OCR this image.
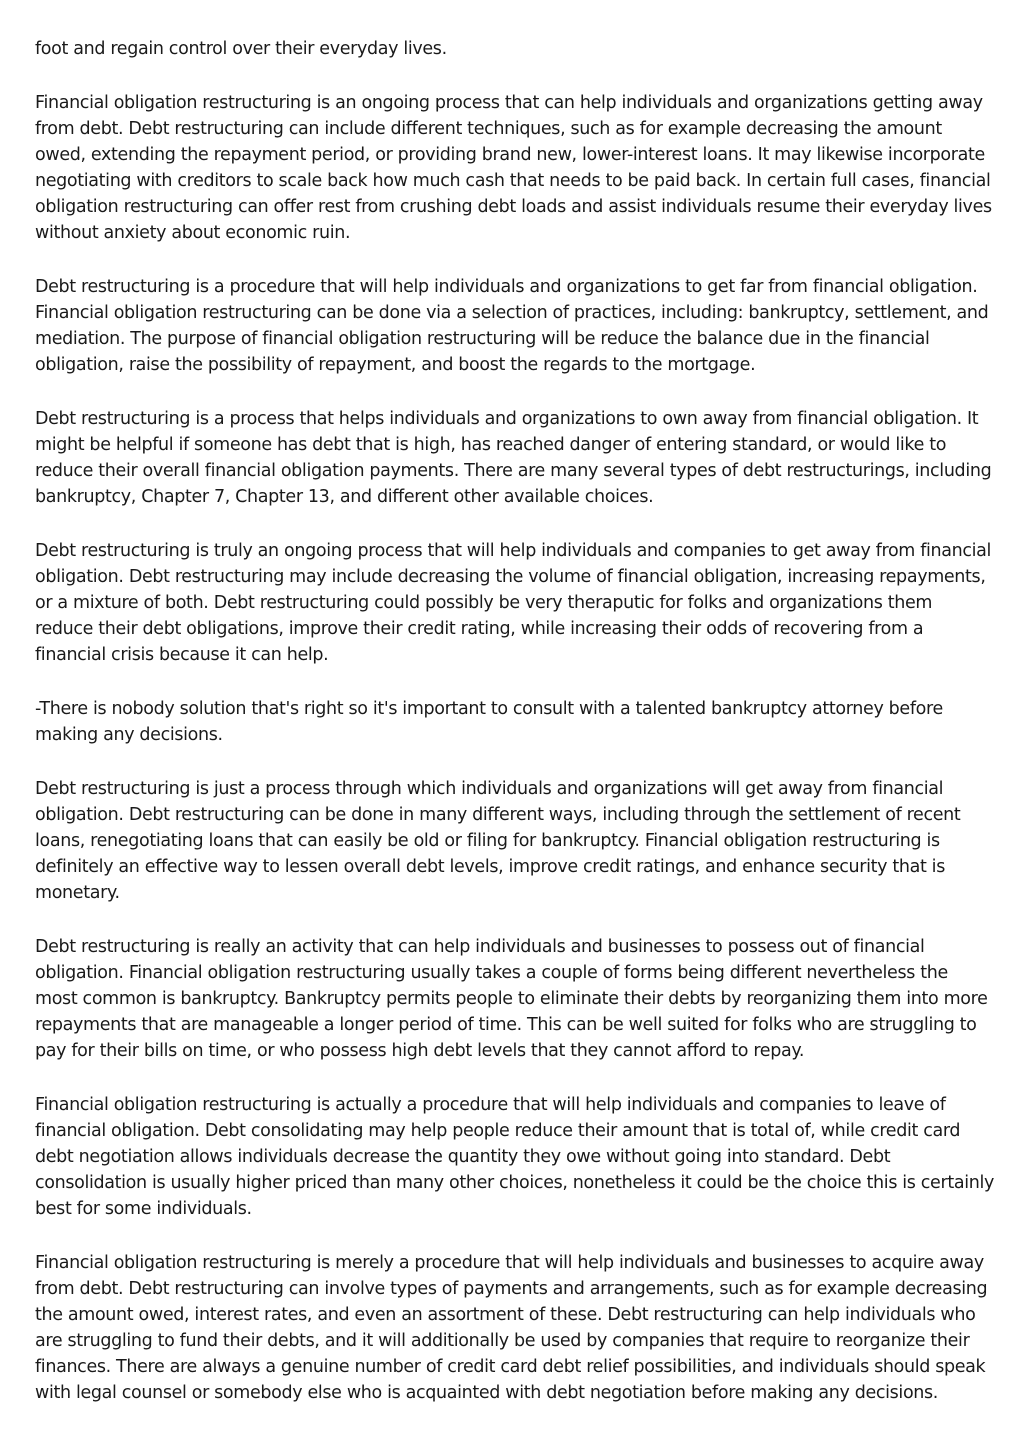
foot and regain control over their everyday lives.

Financial obligation restructuring is an ongoing process that can help individuals and organizations getting away from debt. Debt restructuring can include different techniques, such as for example decreasing the amount owed, extending the repayment period, or providing brand new, lower-interest loans. It may likewise incorporate negotiating with creditors to scale back how much cash that needs to be paid back. In certain full cases, financial obligation restructuring can offer rest from crushing debt loads and assist individuals resume their everyday lives without anxiety about economic ruin.

Debt restructuring is a procedure that will help individuals and organizations to get far from financial obligation. Financial obligation restructuring can be done via a selection of practices, including: bankruptcy, settlement, and mediation. The purpose of financial obligation restructuring will be reduce the balance due in the financial obligation, raise the possibility of repayment, and boost the regards to the mortgage.

Debt restructuring is a process that helps individuals and organizations to own away from financial obligation. It might be helpful if someone has debt that is high, has reached danger of entering standard, or would like to reduce their overall financial obligation payments. There are many several types of debt restructurings, including bankruptcy, Chapter 7, Chapter 13, and different other available choices.

Debt restructuring is truly an ongoing process that will help individuals and companies to get away from financial obligation. Debt restructuring may include decreasing the volume of financial obligation, increasing repayments, or a mixture of both. Debt restructuring could possibly be very theraputic for folks and organizations them reduce their debt obligations, improve their credit rating, while increasing their odds of recovering from a financial crisis because it can help.

-There is nobody solution that's right so it's important to consult with a talented bankruptcy attorney before making any decisions.

Debt restructuring is just a process through which individuals and organizations will get away from financial obligation. Debt restructuring can be done in many different ways, including through the settlement of recent loans, renegotiating loans that can easily be old or filing for bankruptcy. Financial obligation restructuring is definitely an effective way to lessen overall debt levels, improve credit ratings, and enhance security that is monetary.

Debt restructuring is really an activity that can help individuals and businesses to possess out of financial obligation. Financial obligation restructuring usually takes a couple of forms being different nevertheless the most common is bankruptcy. Bankruptcy permits people to eliminate their debts by reorganizing them into more repayments that are manageable a longer period of time. This can be well suited for folks who are struggling to pay for their bills on time, or who possess high debt levels that they cannot afford to repay.

Financial obligation restructuring is actually a procedure that will help individuals and companies to leave of financial obligation. Debt consolidating may help people reduce their amount that is total of, while credit card debt negotiation allows individuals decrease the quantity they owe without going into standard. Debt consolidation is usually higher priced than many other choices, nonetheless it could be the choice this is certainly best for some individuals.

Financial obligation restructuring is merely a procedure that will help individuals and businesses to acquire away from debt. Debt restructuring can involve types of payments and arrangements, such as for example decreasing the amount owed, interest rates, and even an assortment of these. Debt restructuring can help individuals who are struggling to fund their debts, and it will additionally be used by companies that require to reorganize their finances. There are always a genuine number of credit card debt relief possibilities, and individuals should speak with legal counsel or somebody else who is acquainted with debt negotiation before making any decisions.
